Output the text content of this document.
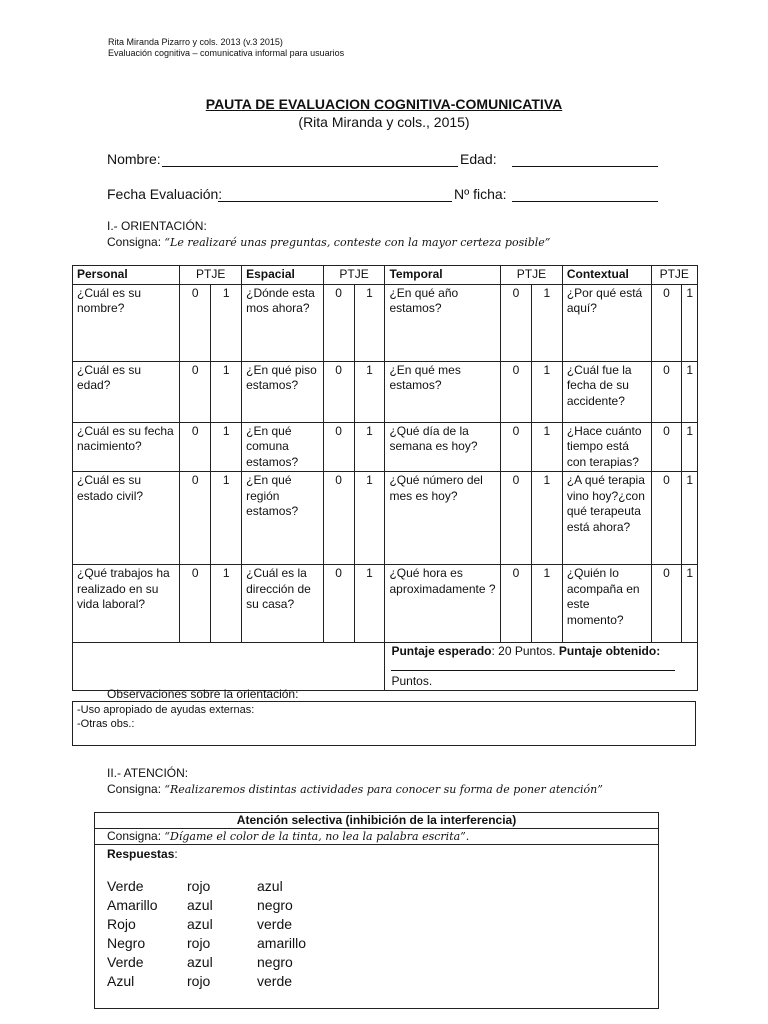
Rita Miranda Pizarro y cols. 2013 (v.3 2015)
Evaluación cognitiva – comunicativa informal para usuarios
PAUTA DE EVALUACION COGNITIVA-COMUNICATIVA
(Rita Miranda y cols., 2015)
Nombre:	Edad:
Fecha Evaluación:	Nº ficha:
I.- ORIENTACIÓN:
Consigna: “Le realizaré unas preguntas, conteste con la mayor certeza posible”
Personal	PTJE		Espacial	PTJE		Temporal	PTJE		Contextual	PTJE	
¿Cuál es su nombre?	0	1	¿Dónde esta mos ahora?	0	1	¿En qué año estamos?	0	1	¿Por qué está aquí?	0	1
¿Cuál es su edad?	0	1	¿En qué piso estamos?	0	1	¿En qué mes estamos?	0	1	¿Cuál fue la fecha de su accidente?	0	1
¿Cuál es su fecha nacimiento?	0	1	¿En qué comuna estamos?	0	1	¿Qué día de la semana es hoy?	0	1	¿Hace cuánto tiempo está con terapias?	0	1
¿Cuál es su estado civil?	0	1	¿En qué región estamos?	0	1	¿Qué número del mes es hoy?	0	1	¿A qué terapia vino hoy?¿con qué terapeuta está ahora?	0	1
¿Qué trabajos ha realizado en su vida laboral?	0	1	¿Cuál es la dirección de su casa?	0	1	¿Qué hora es aproximadamente ?	0	1	¿Quién lo acompaña en este momento?	0	1
						Puntaje esperado: 20 Puntos. Puntaje obtenido:
Puntos.					
Observaciones sobre la orientación:
-Uso apropiado de ayudas externas:
-Otras obs.:
II.- ATENCIÓN:
Consigna: “Realizaremos distintas actividades para conocer su forma de poner atención”
Atención selectiva (inhibición de la interferencia)
Consigna: “Dígame el color de la tinta, no lea la palabra escrita”.
Respuestas:
Verde	rojo	azul
Amarillo	azul	negro
Rojo	azul	verde
Negro	rojo	amarillo
Verde	azul	negro
Azul	rojo	verde
